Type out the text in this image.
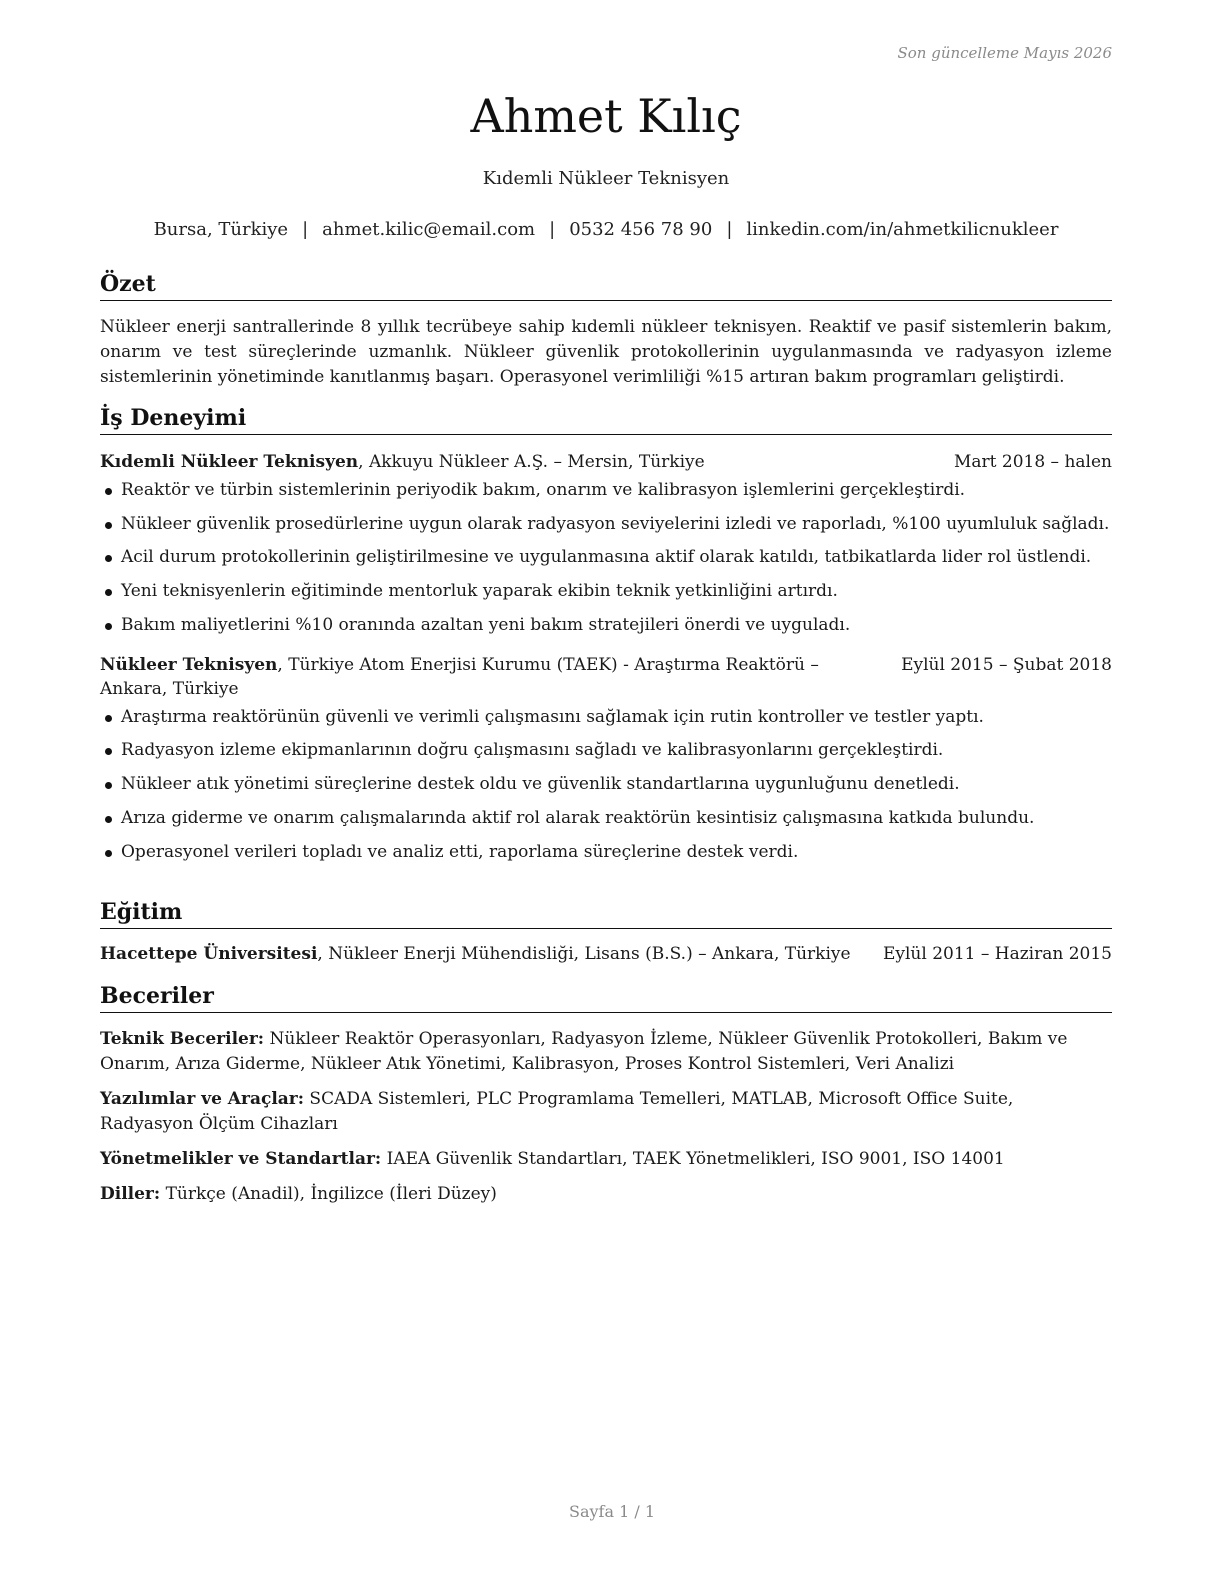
Son güncelleme Mayıs 2026
Ahmet Kılıç
Kıdemli Nükleer Teknisyen
Bursa, Türkiye | ahmet.kilic@email.com | 0532 456 78 90 | linkedin.com/in/ahmetkilicnukleer
Özet

Nükleer enerji santrallerinde 8 yıllık tecrübeye sahip kıdemli nükleer teknisyen. Reaktif ve pasif sistemlerin bakım, onarım ve test süreçlerinde uzmanlık. Nükleer güvenlik protokollerinin uygulanmasında ve radyasyon izleme sistemlerinin yönetiminde kanıtlanmış başarı. Operasyonel verimliliği %15 artıran bakım programları geliştirdi.

İş Deneyimi
Kıdemli Nükleer Teknisyen, Akkuyu Nükleer A.Ş. – Mersin, Türkiye	Mart 2018 – halen
Reaktör ve türbin sistemlerinin periyodik bakım, onarım ve kalibrasyon işlemlerini gerçekleştirdi.
Nükleer güvenlik prosedürlerine uygun olarak radyasyon seviyelerini izledi ve raporladı, %100 uyumluluk sağladı.
Acil durum protokollerinin geliştirilmesine ve uygulanmasına aktif olarak katıldı, tatbikatlarda lider rol üstlendi.
Yeni teknisyenlerin eğitiminde mentorluk yaparak ekibin teknik yetkinliğini artırdı.
Bakım maliyetlerini %10 oranında azaltan yeni bakım stratejileri önerdi ve uyguladı.
Nükleer Teknisyen, Türkiye Atom Enerjisi Kurumu (TAEK) - Araştırma Reaktörü – Ankara, Türkiye
Eylül 2015 – Şubat 2018
Araştırma reaktörünün güvenli ve verimli çalışmasını sağlamak için rutin kontroller ve testler yaptı.
Radyasyon izleme ekipmanlarının doğru çalışmasını sağladı ve kalibrasyonlarını gerçekleştirdi.
Nükleer atık yönetimi süreçlerine destek oldu ve güvenlik standartlarına uygunluğunu denetledi.
Arıza giderme ve onarım çalışmalarında aktif rol alarak reaktörün kesintisiz çalışmasına katkıda bulundu.
Operasyonel verileri topladı ve analiz etti, raporlama süreçlerine destek verdi.
Eğitim
Hacettepe Üniversitesi, Nükleer Enerji Mühendisliği, Lisans (B.S.) – Ankara, Türkiye Eylül 2011 – Haziran 2015
Beceriler
Teknik Beceriler: Nükleer Reaktör Operasyonları, Radyasyon İzleme, Nükleer Güvenlik Protokolleri, Bakım ve Onarım, Arıza Giderme, Nükleer Atık Yönetimi, Kalibrasyon, Proses Kontrol Sistemleri, Veri Analizi
Yazılımlar ve Araçlar: SCADA Sistemleri, PLC Programlama Temelleri, MATLAB, Microsoft Office Suite, Radyasyon Ölçüm Cihazları
Yönetmelikler ve Standartlar: IAEA Güvenlik Standartları, TAEK Yönetmelikleri, ISO 9001, ISO 14001
Diller: Türkçe (Anadil), İngilizce (İleri Düzey)
Sayfa 1 / 1
